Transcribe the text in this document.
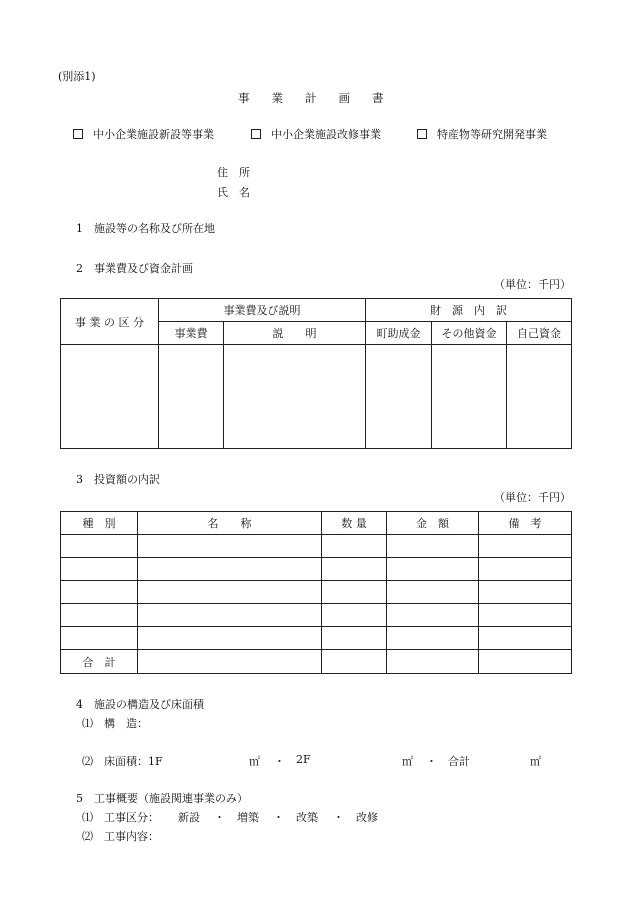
(別添1)
事 業 計 画 書
中小企業施設新設等事業	中小企業施設改修事業	特産物等研究開発事業
住　所
氏　名
1　施設等の名称及び所在地
2　事業費及び資金計画
（単位：千円）
事 業 の 区 分	事業費及び説明		財　源　内　訳		
	事業費	説　　明	町助成金	その他資金	自己資金

3　投資額の内訳
（単位：千円）
種　別	名　　称	数 量	金　額	備　考

合　計				
4　施設の構造及び床面積
⑴　構　造：
⑵　床面積：1F	㎡ ・ 2F	㎡ ・ 合計	㎡
5　工事概要（施設関連事業のみ）
⑴　工事区分： 新設 ・ 増築 ・ 改築 ・ 改修
⑵　工事内容：
